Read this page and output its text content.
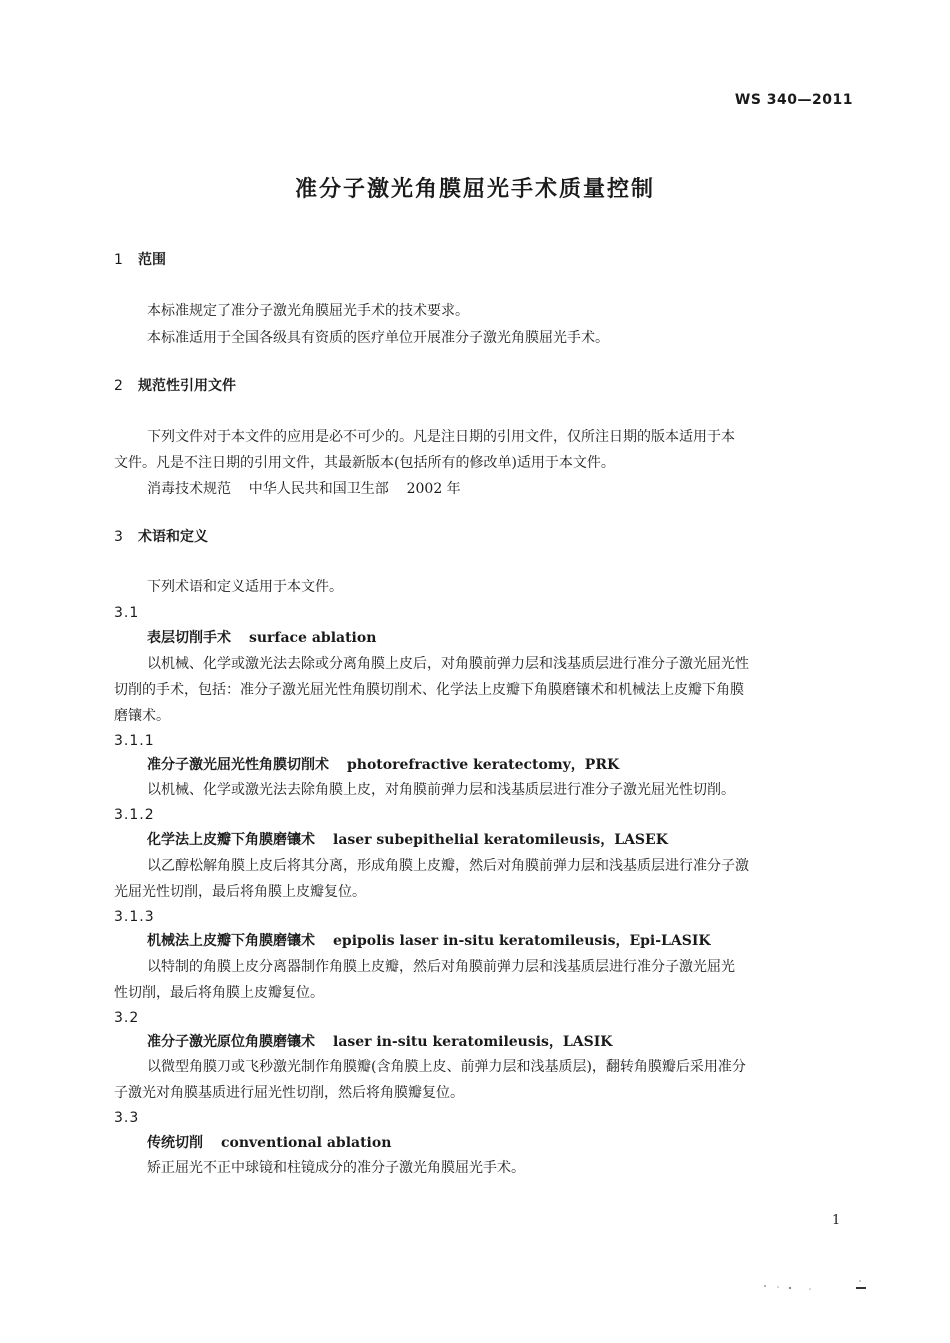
WS 340—2011
准分子激光角膜屈光手术质量控制
1 范围
本标准规定了准分子激光角膜屈光手术的技术要求。
本标准适用于全国各级具有资质的医疗单位开展准分子激光角膜屈光手术。
2 规范性引用文件
下列文件对于本文件的应用是必不可少的。凡是注日期的引用文件，仅所注日期的版本适用于本
文件。凡是不注日期的引用文件，其最新版本(包括所有的修改单)适用于本文件。
消毒技术规范    中华人民共和国卫生部    2002 年
3 术语和定义
下列术语和定义适用于本文件。
3.1
表层切削手术 surface ablation
以机械、化学或激光法去除或分离角膜上皮后，对角膜前弹力层和浅基质层进行准分子激光屈光性
切削的手术，包括：准分子激光屈光性角膜切削术、化学法上皮瓣下角膜磨镶术和机械法上皮瓣下角膜
磨镶术。
3.1.1
准分子激光屈光性角膜切削术 photorefractive keratectomy，PRK
以机械、化学或激光法去除角膜上皮，对角膜前弹力层和浅基质层进行准分子激光屈光性切削。
3.1.2
化学法上皮瓣下角膜磨镶术 laser subepithelial keratomileusis，LASEK
以乙醇松解角膜上皮后将其分离，形成角膜上皮瓣，然后对角膜前弹力层和浅基质层进行准分子激
光屈光性切削，最后将角膜上皮瓣复位。
3.1.3
机械法上皮瓣下角膜磨镶术 epipolis laser in-situ keratomileusis，Epi-LASIK
以特制的角膜上皮分离器制作角膜上皮瓣，然后对角膜前弹力层和浅基质层进行准分子激光屈光
性切削，最后将角膜上皮瓣复位。
3.2
准分子激光原位角膜磨镶术 laser in-situ keratomileusis，LASIK
以微型角膜刀或飞秒激光制作角膜瓣(含角膜上皮、前弹力层和浅基质层)，翻转角膜瓣后采用准分
子激光对角膜基质进行屈光性切削，然后将角膜瓣复位。
3.3
传统切削 conventional ablation
矫正屈光不正中球镜和柱镜成分的准分子激光角膜屈光手术。
1
